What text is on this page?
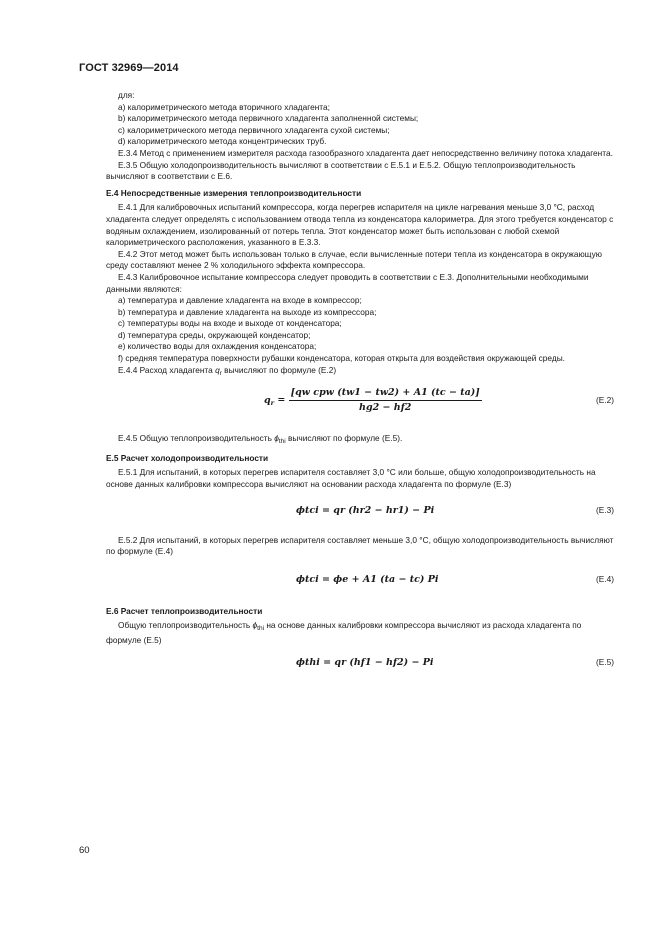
ГОСТ 32969—2014

для:

a) калориметрического метода вторичного хладагента;

b) калориметрического метода первичного хладагента заполненной системы;

c) калориметрического метода первичного хладагента сухой системы;

d) калориметрического метода концентрических труб.

Е.3.4 Метод с применением измерителя расхода газообразного хладагента дает непосредственно величину потока хладагента.

Е.3.5 Общую холодопроизводительность вычисляют в соответствии с Е.5.1 и Е.5.2. Общую теплопроизводительность вычисляют в соответствии с Е.6.

Е.4 Непосредственные измерения теплопроизводительности

Е.4.1 Для калибровочных испытаний компрессора, когда перегрев испарителя на цикле нагревания меньше 3,0 °С, расход хладагента следует определять с использованием отвода тепла из конденсатора калориметра. Для этого требуется конденсатор с водяным охлаждением, изолированный от потерь тепла. Этот конденсатор может быть использован с любой схемой калориметрического расположения, указанного в Е.3.3.

Е.4.2 Этот метод может быть использован только в случае, если вычисленные потери тепла из конденсатора в окружающую среду составляют менее 2 % холодильного эффекта компрессора.

Е.4.3 Калибровочное испытание компрессора следует проводить в соответствии с Е.3. Дополнительными необходимыми данными являются:

a) температура и давление хладагента на входе в компрессор;

b) температура и давление хладагента на выходе из компрессора;

c) температуры воды на входе и выходе от конденсатора;

d) температура среды, окружающей конденсатор;

e) количество воды для охлаждения конденсатора;

f) средняя температура поверхности рубашки конденсатора, которая открыта для воздействия окружающей среды.

Е.4.4 Расход хладагента $q_r$ вычисляют по формуле (Е.2)

$q_r = \frac{\text{[qw cpw (tw1 − tw2) + A1 (tc − ta)]}}{hg2 - hf2}$	(Е.2)

Е.4.5 Общую теплопроизводительность $\phi_{thi}$ вычисляют по формуле (Е.5).

Е.5 Расчет холодопроизводительности

Е.5.1 Для испытаний, в которых перегрев испарителя составляет 3,0 °С или больше, общую холодопроизводительность на основе данных калибровки компрессора вычисляют на основании расхода хладагента по формуле (Е.3)

ϕtci = qr (hr2 − hr1) − Pi	(Е.3)

Е.5.2 Для испытаний, в которых перегрев испарителя составляет меньше 3,0 °С, общую холодопроизводительность вычисляют по формуле (Е.4)

ϕtci = ϕe + A1 (ta − tc) Pi	(Е.4)

Е.6 Расчет теплопроизводительности

Общую теплопроизводительность $\phi_{thi}$ на основе данных калибровки компрессора вычисляют из расхода хладагента по формуле (Е.5)

ϕthi = qr (hf1 − hf2) − Pi	(Е.5)
60
